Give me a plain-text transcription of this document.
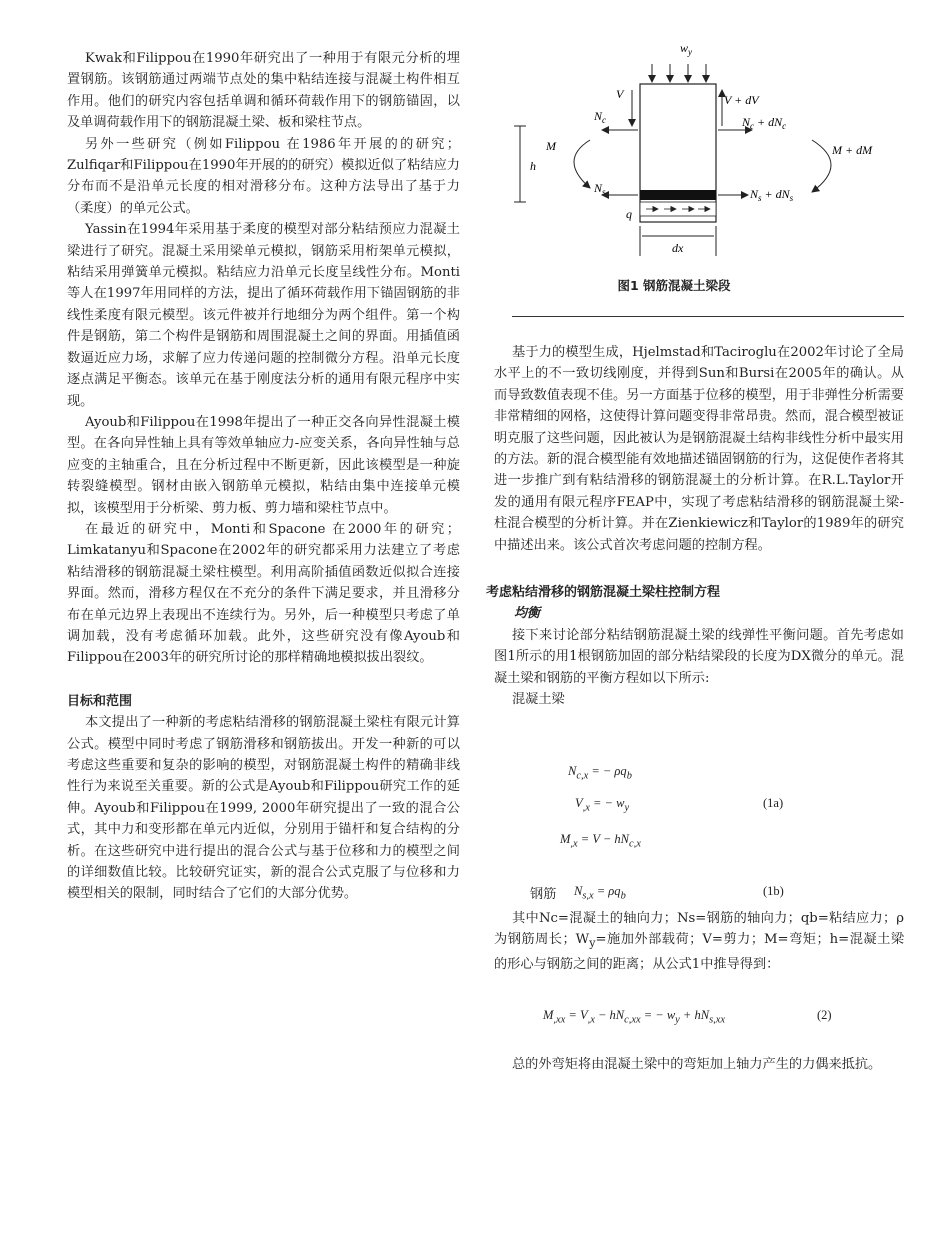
Kwak和Filippou在1990年研究出了一种用于有限元分析的埋置钢筋。该钢筋通过两端节点处的集中粘结连接与混凝土构件相互作用。他们的研究内容包括单调和循环荷载作用下的钢筋锚固，以及单调荷载作用下的钢筋混凝土梁、板和梁柱节点。

另外一些研究（例如Filippou 在1986年开展的的研究；Zulfiqar和Filippou在1990年开展的的研究）模拟近似了粘结应力分布而不是沿单元长度的相对滑移分布。这种方法导出了基于力（柔度）的单元公式。

Yassin在1994年采用基于柔度的模型对部分粘结预应力混凝土梁进行了研究。混凝土采用梁单元模拟，钢筋采用桁架单元模拟，粘结采用弹簧单元模拟。粘结应力沿单元长度呈线性分布。Monti等人在1997年用同样的方法，提出了循环荷载作用下锚固钢筋的非线性柔度有限元模型。该元件被并行地细分为两个组件。第一个构件是钢筋，第二个构件是钢筋和周围混凝土之间的界面。用插值函数逼近应力场，求解了应力传递问题的控制微分方程。沿单元长度逐点满足平衡态。该单元在基于刚度法分析的通用有限元程序中实现。

Ayoub和Filippou在1998年提出了一种正交各向异性混凝土模型。在各向异性轴上具有等效单轴应力-应变关系，各向异性轴与总应变的主轴重合，且在分析过程中不断更新，因此该模型是一种旋转裂缝模型。钢材由嵌入钢筋单元模拟，粘结由集中连接单元模拟，该模型用于分析梁、剪力板、剪力墙和梁柱节点中。

在最近的研究中，Monti和Spacone 在2000年的研究；Limkatanyu和Spacone在2002年的研究都采用力法建立了考虑粘结滑移的钢筋混凝土梁柱模型。利用高阶插值函数近似拟合连接界面。然而，滑移方程仅在不充分的条件下满足要求，并且滑移分布在单元边界上表现出不连续行为。另外，后一种模型只考虑了单调加载，没有考虑循环加载。此外，这些研究没有像Ayoub和Filippou在2003年的研究所讨论的那样精确地模拟拔出裂纹。

目标和范围

本文提出了一种新的考虑粘结滑移的钢筋混凝土梁柱有限元计算公式。模型中同时考虑了钢筋滑移和钢筋拔出。开发一种新的可以考虑这些重要和复杂的影响的模型，对钢筋混凝土构件的精确非线性行为来说至关重要。新的公式是Ayoub和Filippou研究工作的延伸。Ayoub和Filippou在1999, 2000年研究提出了一致的混合公式，其中力和变形都在单元内近似，分别用于锚杆和复合结构的分析。在这些研究中进行提出的混合公式与基于位移和力的模型之间的详细数值比较。比较研究证实，新的混合公式克服了与位移和力模型相关的限制，同时结合了它们的大部分优势。

$w_y$
V	V + dV
$N_c$	$N_c + dN_c$
h
M	M + dM
$N_s$	$N_s + dN_s$
q
dx
图1 钢筋混凝土梁段

基于力的模型生成，Hjelmstad和Taciroglu在2002年讨论了全局水平上的不一致切线刚度，并得到Sun和Bursi在2005年的确认。从而导致数值表现不佳。另一方面基于位移的模型，用于非弹性分析需要非常精细的网格，这使得计算问题变得非常昂贵。然而，混合模型被证明克服了这些问题，因此被认为是钢筋混凝土结构非线性分析中最实用的方法。新的混合模型能有效地描述锚固钢筋的行为，这促使作者将其进一步推广到有粘结滑移的钢筋混凝土的分析计算。在R.L.Taylor开发的通用有限元程序FEAP中，实现了考虑粘结滑移的钢筋混凝土梁-柱混合模型的分析计算。并在Zienkiewicz和Taylor的1989年的研究中描述出来。该公式首次考虑问题的控制方程。

考虑粘结滑移的钢筋混凝土梁柱控制方程

均衡

接下来讨论部分粘结钢筋混凝土梁的线弹性平衡问题。首先考虑如图1所示的用1根钢筋加固的部分粘结梁段的长度为DX微分的单元。混凝土梁和钢筋的平衡方程如以下所示:

混凝土梁

$N_{c,x}$ = − $\rho q_b$
$V_{,x}$ = − $w_y$	(1a)
$M_{,x} = V - hN_{c,x}$

钢筋 $N_{s,x} = \rho q_b$	(1b)
其中Nc=混凝土的轴向力；Ns=钢筋的轴向力；qb=粘结应力；ρ为钢筋周长；$W_y=$施加外部载荷；V=剪力；M=弯矩；h=混凝土梁的形心与钢筋之间的距离；从公式1中推导得到：
$M_{,xx} = V_{,x} - hN_{c,xx}$ = − $w_y + hN_{s,xx}$	(2)

总的外弯矩将由混凝土梁中的弯矩加上轴力产生的力偶来抵抗。
